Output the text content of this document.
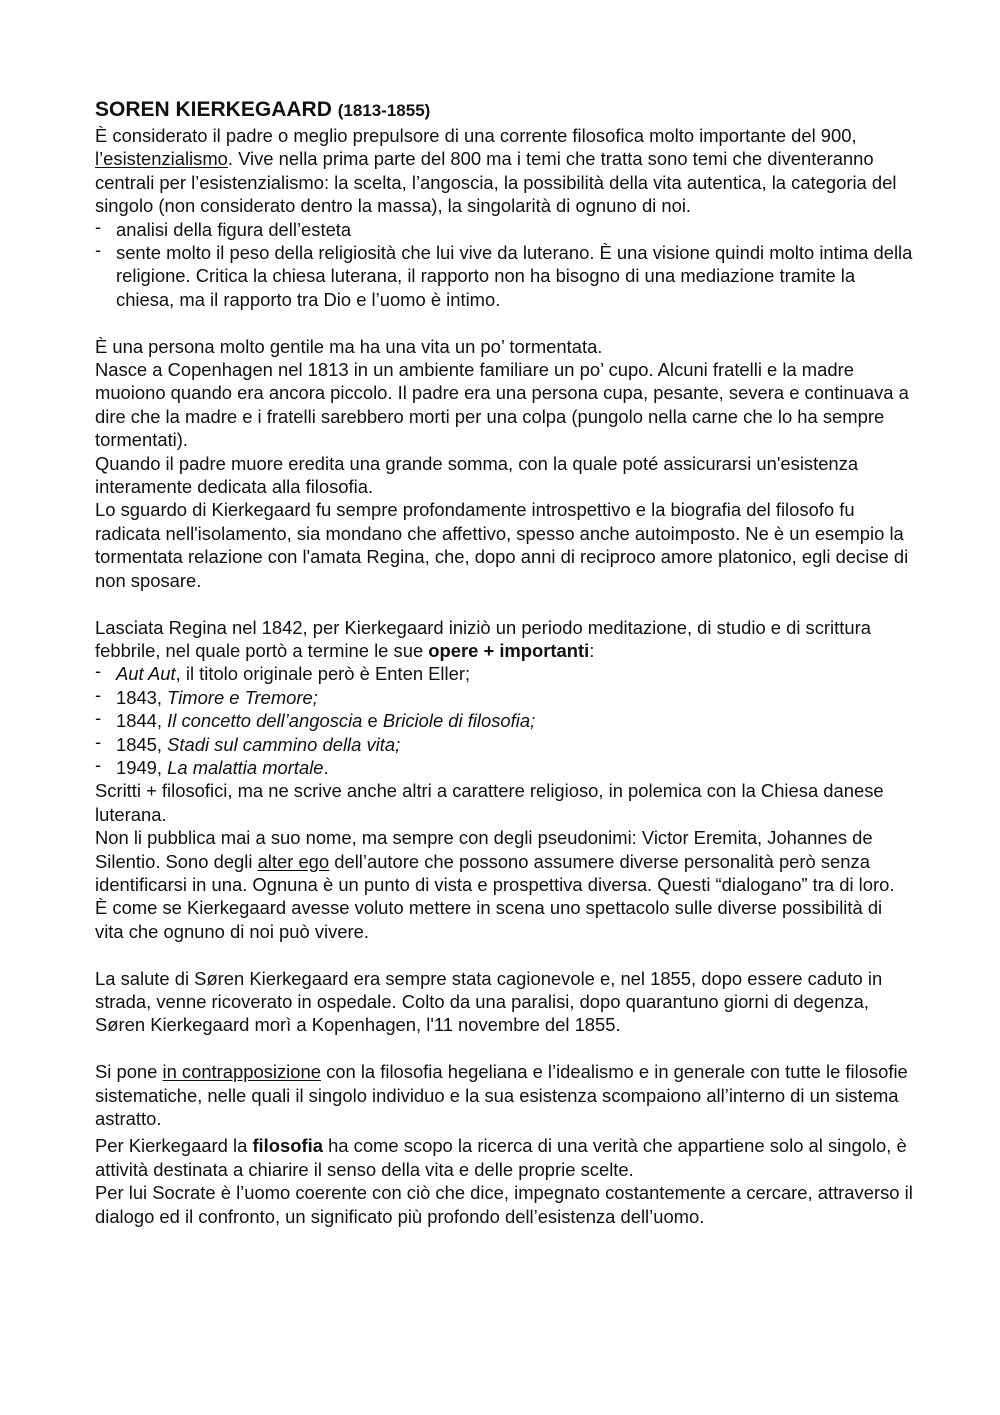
SOREN KIERKEGAARD (1813-1855)

È considerato il padre o meglio prepulsore di una corrente filosofica molto importante del 900, l’esistenzialismo. Vive nella prima parte del 800 ma i temi che tratta sono temi che diventeranno centrali per l’esistenzialismo: la scelta, l’angoscia, la possibilità della vita autentica, la categoria del singolo (non considerato dentro la massa), la singolarità di ognuno di noi.

- analisi della figura dell’esteta
- sente molto il peso della religiosità che lui vive da luterano. È una visione quindi molto intima della religione. Critica la chiesa luterana, il rapporto non ha bisogno di una mediazione tramite la chiesa, ma il rapporto tra Dio e l’uomo è intimo.

È una persona molto gentile ma ha una vita un po’ tormentata.

Nasce a Copenhagen nel 1813 in un ambiente familiare un po’ cupo. Alcuni fratelli e la madre muoiono quando era ancora piccolo. Il padre era una persona cupa, pesante, severa e continuava a dire che la madre e i fratelli sarebbero morti per una colpa (pungolo nella carne che lo ha sempre tormentati).

Quando il padre muore eredita una grande somma, con la quale poté assicurarsi un'esistenza interamente dedicata alla filosofia.

Lo sguardo di Kierkegaard fu sempre profondamente introspettivo e la biografia del filosofo fu radicata nell'isolamento, sia mondano che affettivo, spesso anche autoimposto. Ne è un esempio la tormentata relazione con l'amata Regina, che, dopo anni di reciproco amore platonico, egli decise di non sposare.

Lasciata Regina nel 1842, per Kierkegaard iniziò un periodo meditazione, di studio e di scrittura febbrile, nel quale portò a termine le sue opere + importanti:

- Aut Aut, il titolo originale però è Enten Eller;
- 1843, Timore e Tremore;
- 1844, Il concetto dell’angoscia e Briciole di filosofia;
- 1845, Stadi sul cammino della vita;
- 1949, La malattia mortale.

Scritti + filosofici, ma ne scrive anche altri a carattere religioso, in polemica con la Chiesa danese luterana.

Non li pubblica mai a suo nome, ma sempre con degli pseudonimi: Victor Eremita, Johannes de Silentio. Sono degli alter ego dell’autore che possono assumere diverse personalità però senza identificarsi in una. Ognuna è un punto di vista e prospettiva diversa. Questi “dialogano” tra di loro.

È come se Kierkegaard avesse voluto mettere in scena uno spettacolo sulle diverse possibilità di vita che ognuno di noi può vivere.

La salute di Søren Kierkegaard era sempre stata cagionevole e, nel 1855, dopo essere caduto in strada, venne ricoverato in ospedale. Colto da una paralisi, dopo quarantuno giorni di degenza, Søren Kierkegaard morì a Kopenhagen, l'11 novembre del 1855.

Si pone in contrapposizione con la filosofia hegeliana e l’idealismo e in generale con tutte le filosofie sistematiche, nelle quali il singolo individuo e la sua esistenza scompaiono all’interno di un sistema astratto.

Per Kierkegaard la filosofia ha come scopo la ricerca di una verità che appartiene solo al singolo, è attività destinata a chiarire il senso della vita e delle proprie scelte.

Per lui Socrate è l’uomo coerente con ciò che dice, impegnato costantemente a cercare, attraverso il dialogo ed il confronto, un significato più profondo dell’esistenza dell’uomo.
